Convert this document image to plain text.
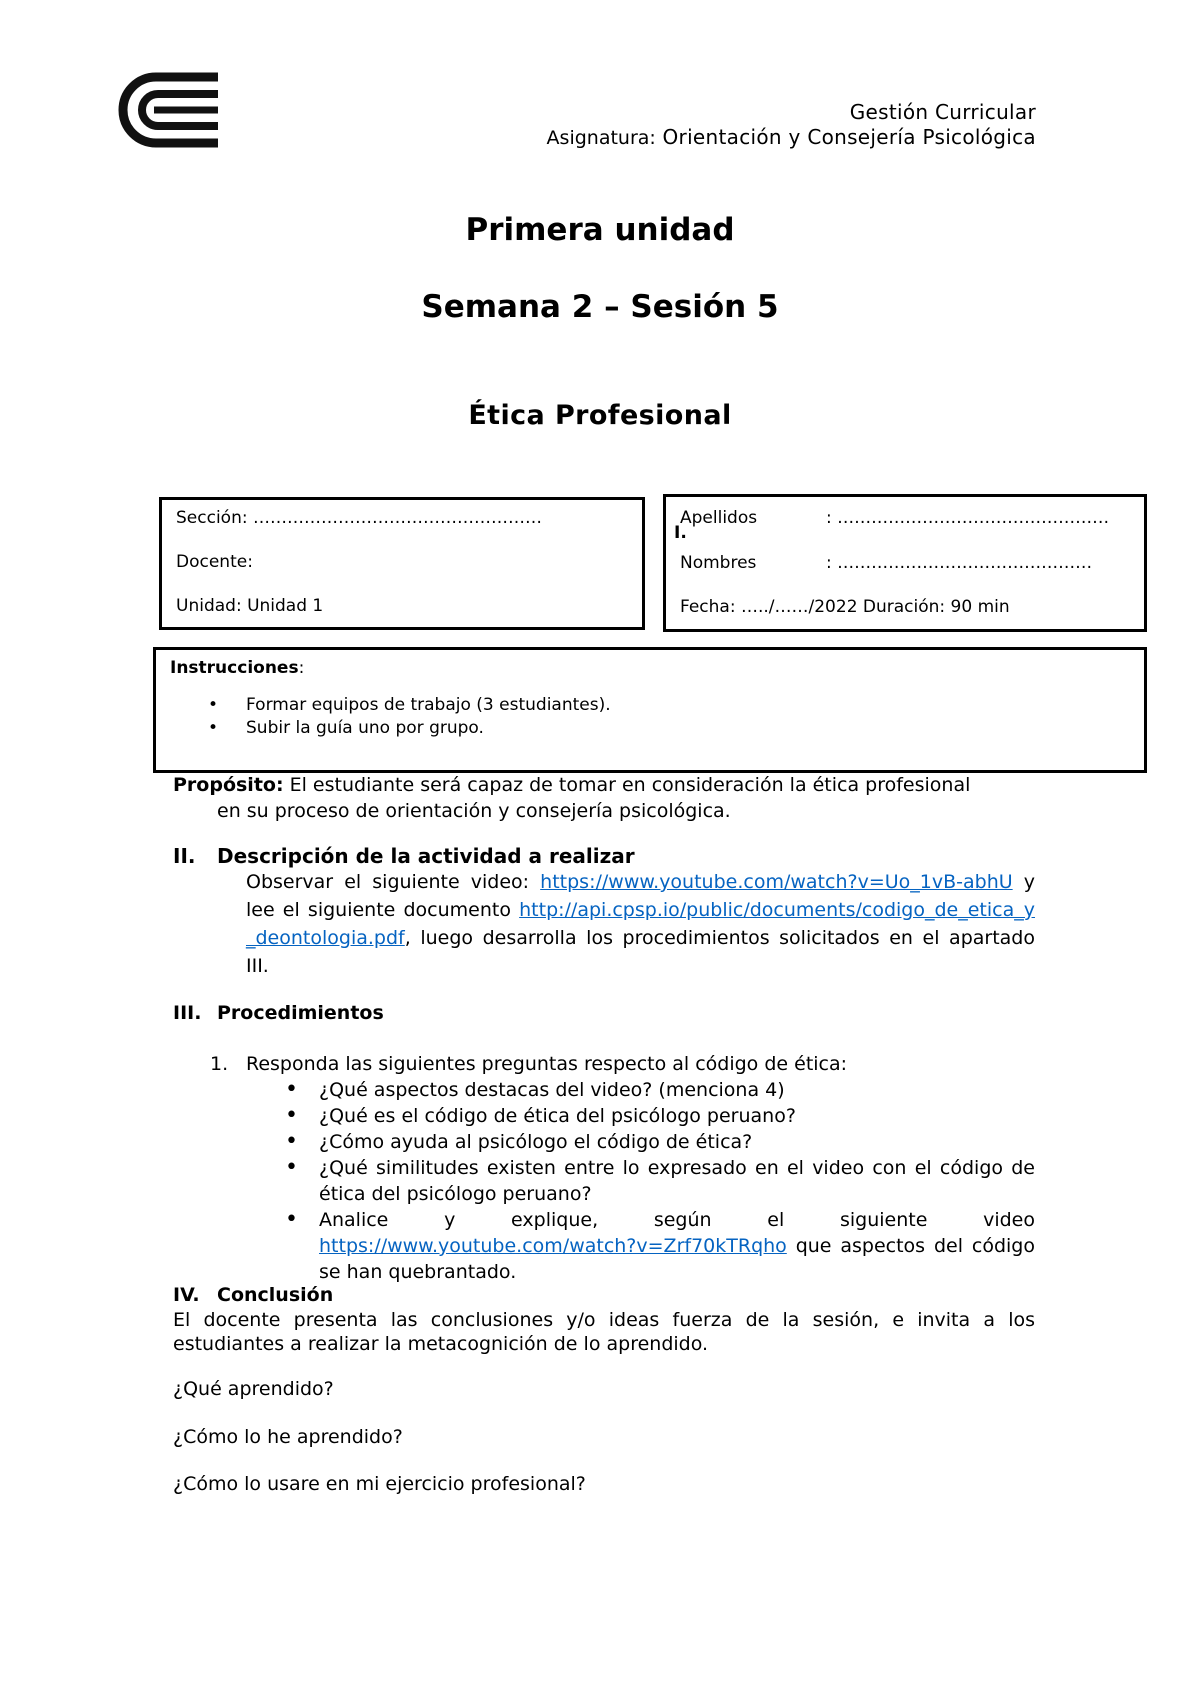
Gestión Curricular
Asignatura: Orientación y Consejería Psicológica
Primera unidad
Semana 2 – Sesión 5
Ética Profesional
Sección: ……………………………………………
Docente:
Unidad: Unidad 1
I.
Apellidos	: …………………………………………
Nombres	: ………………………………………
Fecha: …../……/2022 Duración: 90 min
Instrucciones:
• Formar equipos de trabajo (3 estudiantes).
• Subir la guía uno por grupo.
Propósito: El estudiante será capaz de tomar en consideración la ética profesional
en su proceso de orientación y consejería psicológica.
II. Descripción de la actividad a realizar
Observar el siguiente video: https://www.youtube.com/watch?v=Uo_1vB-abhU y lee el siguiente documento http://api.cpsp.io/public/documents/codigo_de_etica_y_deontologia.pdf, luego desarrolla los procedimientos solicitados en el apartado III.
III. Procedimientos
1. Responda las siguientes preguntas respecto al código de ética:
• ¿Qué aspectos destacas del video? (menciona 4)
• ¿Qué es el código de ética del psicólogo peruano?
• ¿Cómo ayuda al psicólogo el código de ética?
• ¿Qué similitudes existen entre lo expresado en el video con el código de ética del psicólogo peruano?
• Analice y explique, según el siguiente video https://www.youtube.com/watch?v=Zrf70kTRqho que aspectos del código se han quebrantado.
IV. Conclusión
El docente presenta las conclusiones y/o ideas fuerza de la sesión, e invita a los estudiantes a realizar la metacognición de lo aprendido.
¿Qué aprendido?
¿Cómo lo he aprendido?
¿Cómo lo usare en mi ejercicio profesional?
